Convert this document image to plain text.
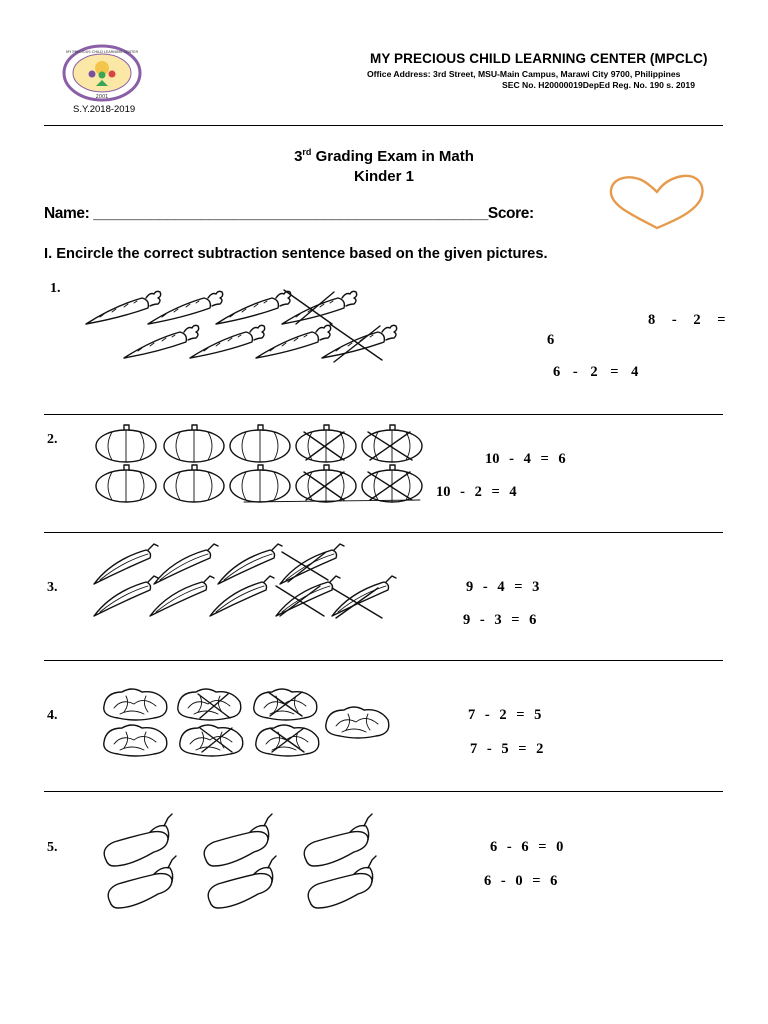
2001
MY PRECIOUS CHILD LEARNING CENTER
S.Y.2018-2019
MY PRECIOUS CHILD LEARNING CENTER (MPCLC)
Office Address: 3rd Street, MSU-Main Campus, Marawi City 9700, Philippines
SEC No. H20000019DepEd Reg. No. 190 s. 2019
3rd Grading Exam in Math
Kinder 1
Name: ________________________________________________Score:
I. Encircle the correct subtraction sentence based on the given pictures.
1.
8 - 2 =
6
6 - 2 = 4
2.
10 - 4 = 6
10 - 2 = 4
3.	9 - 4 = 3
9 - 3 = 6
4.	7 - 2 = 5
7 - 5 = 2
5.	6 - 6 = 0
6 - 0 = 6
